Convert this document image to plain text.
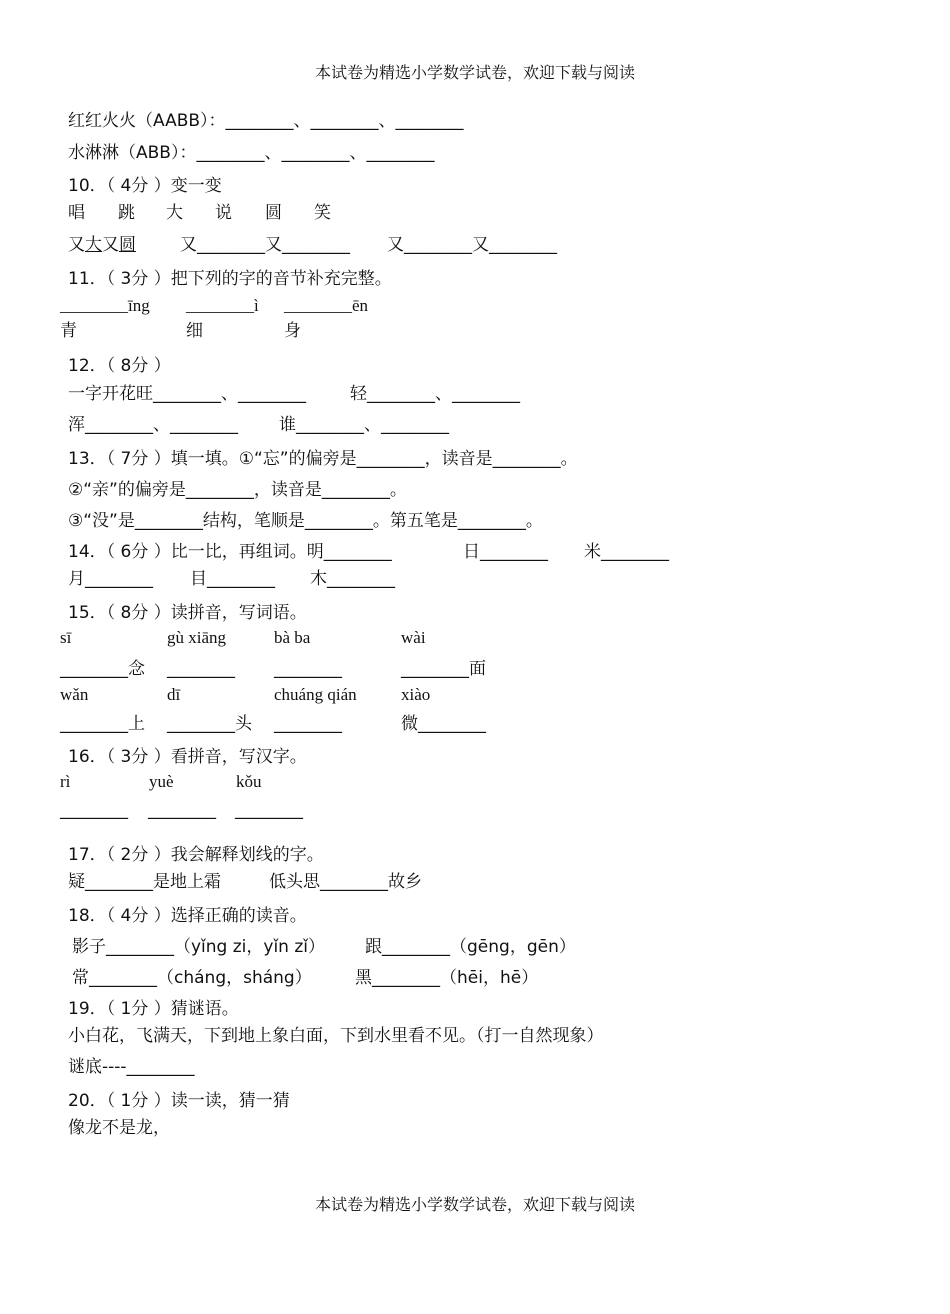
本试卷为精选小学数学试卷，欢迎下载与阅读
红红火火（AABB）：________、________、________
水淋淋（ABB）：________、________、________
10．（ 4分 ）变一变
唱 跳 大 说 圆 笑
又大又圆	又________又________ 又________又________
11．（ 3分 ）把下列的字的音节补充完整。
________īng ________ì ________ēn
青	细	身
12．（ 8分 ）
一字开花旺________、________	轻________、________
浑________、________ 谁________、________
13．（ 7分 ）填一填。①“忘”的偏旁是________，读音是________。
②“亲”的偏旁是________，读音是________。
③“没”是________结构，笔顺是________。第五笔是________。
14．（ 6分 ）比一比，再组词。明________	日________ 米________
月________ 目________ 木________
15．（ 8分 ）读拼音，写词语。
sī	gù xiāng	bà ba	wài
________念 ________ ________	________面
wǎn	dī	chuáng qián	xiào
________上 ________头 ________	微________
16．（ 3分 ）看拼音，写汉字。
rì	yuè	kǒu
________ ________ ________
17．（ 2分 ）我会解释划线的字。
疑________是地上霜	低头思________故乡
18．（ 4分 ）选择正确的读音。
影子________（yǐng zi，yǐn zǐ） 跟________（gēng，gēn）
常________（cháng，sháng）	黑________（hēi，hē）
19．（ 1分 ）猜谜语。
小白花，飞满天，下到地上象白面，下到水里看不见。（打一自然现象）
谜底----________
20．（ 1分 ）读一读，猜一猜
像龙不是龙，
本试卷为精选小学数学试卷，欢迎下载与阅读
